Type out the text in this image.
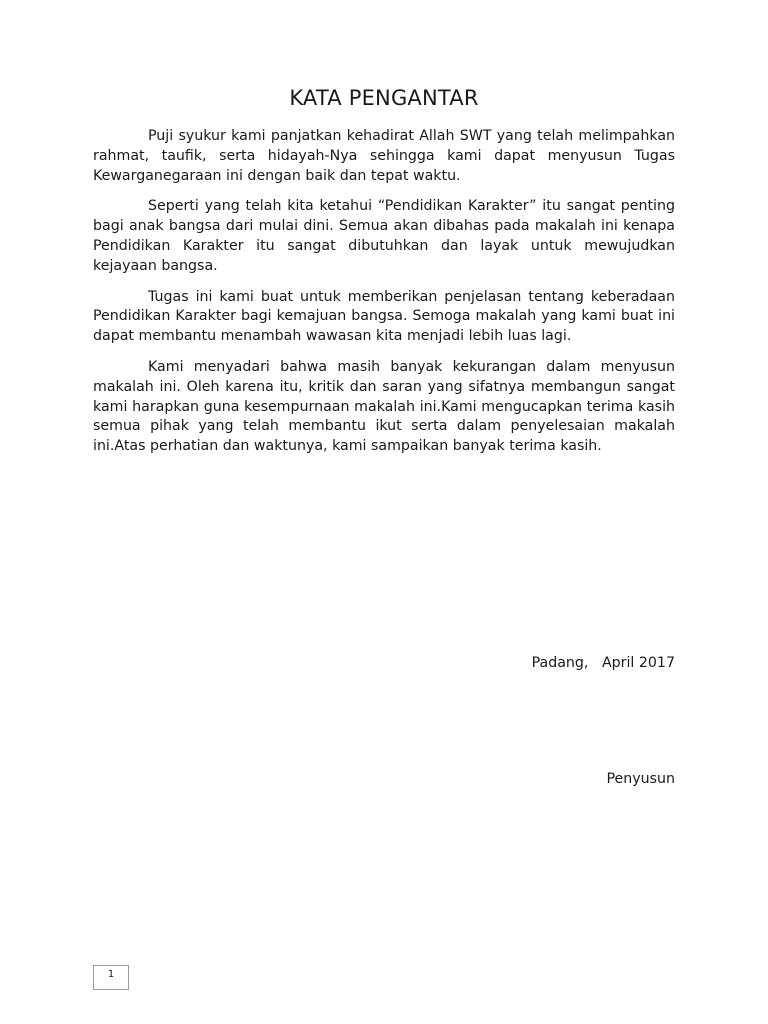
KATA PENGANTAR

Puji syukur kami panjatkan kehadirat Allah SWT yang telah melimpahkan rahmat, taufik, serta hidayah-Nya sehingga kami dapat menyusun Tugas Kewarganegaraan ini dengan baik dan tepat waktu.

Seperti yang telah kita ketahui “Pendidikan Karakter” itu sangat penting bagi anak bangsa dari mulai dini. Semua akan dibahas pada makalah ini kenapa Pendidikan Karakter itu sangat dibutuhkan dan layak untuk mewujudkan kejayaan bangsa.

Tugas ini kami buat untuk memberikan penjelasan tentang keberadaan Pendidikan Karakter bagi kemajuan bangsa. Semoga makalah yang kami buat ini dapat membantu menambah wawasan kita menjadi lebih luas lagi.

Kami menyadari bahwa masih banyak kekurangan dalam menyusun makalah ini. Oleh karena itu, kritik dan saran yang sifatnya membangun sangat kami harapkan guna kesempurnaan makalah ini.Kami mengucapkan terima kasih semua pihak yang telah membantu ikut serta dalam penyelesaian makalah ini.Atas perhatian dan waktunya, kami sampaikan banyak terima kasih.

Padang,   April 2017
Penyusun
1
